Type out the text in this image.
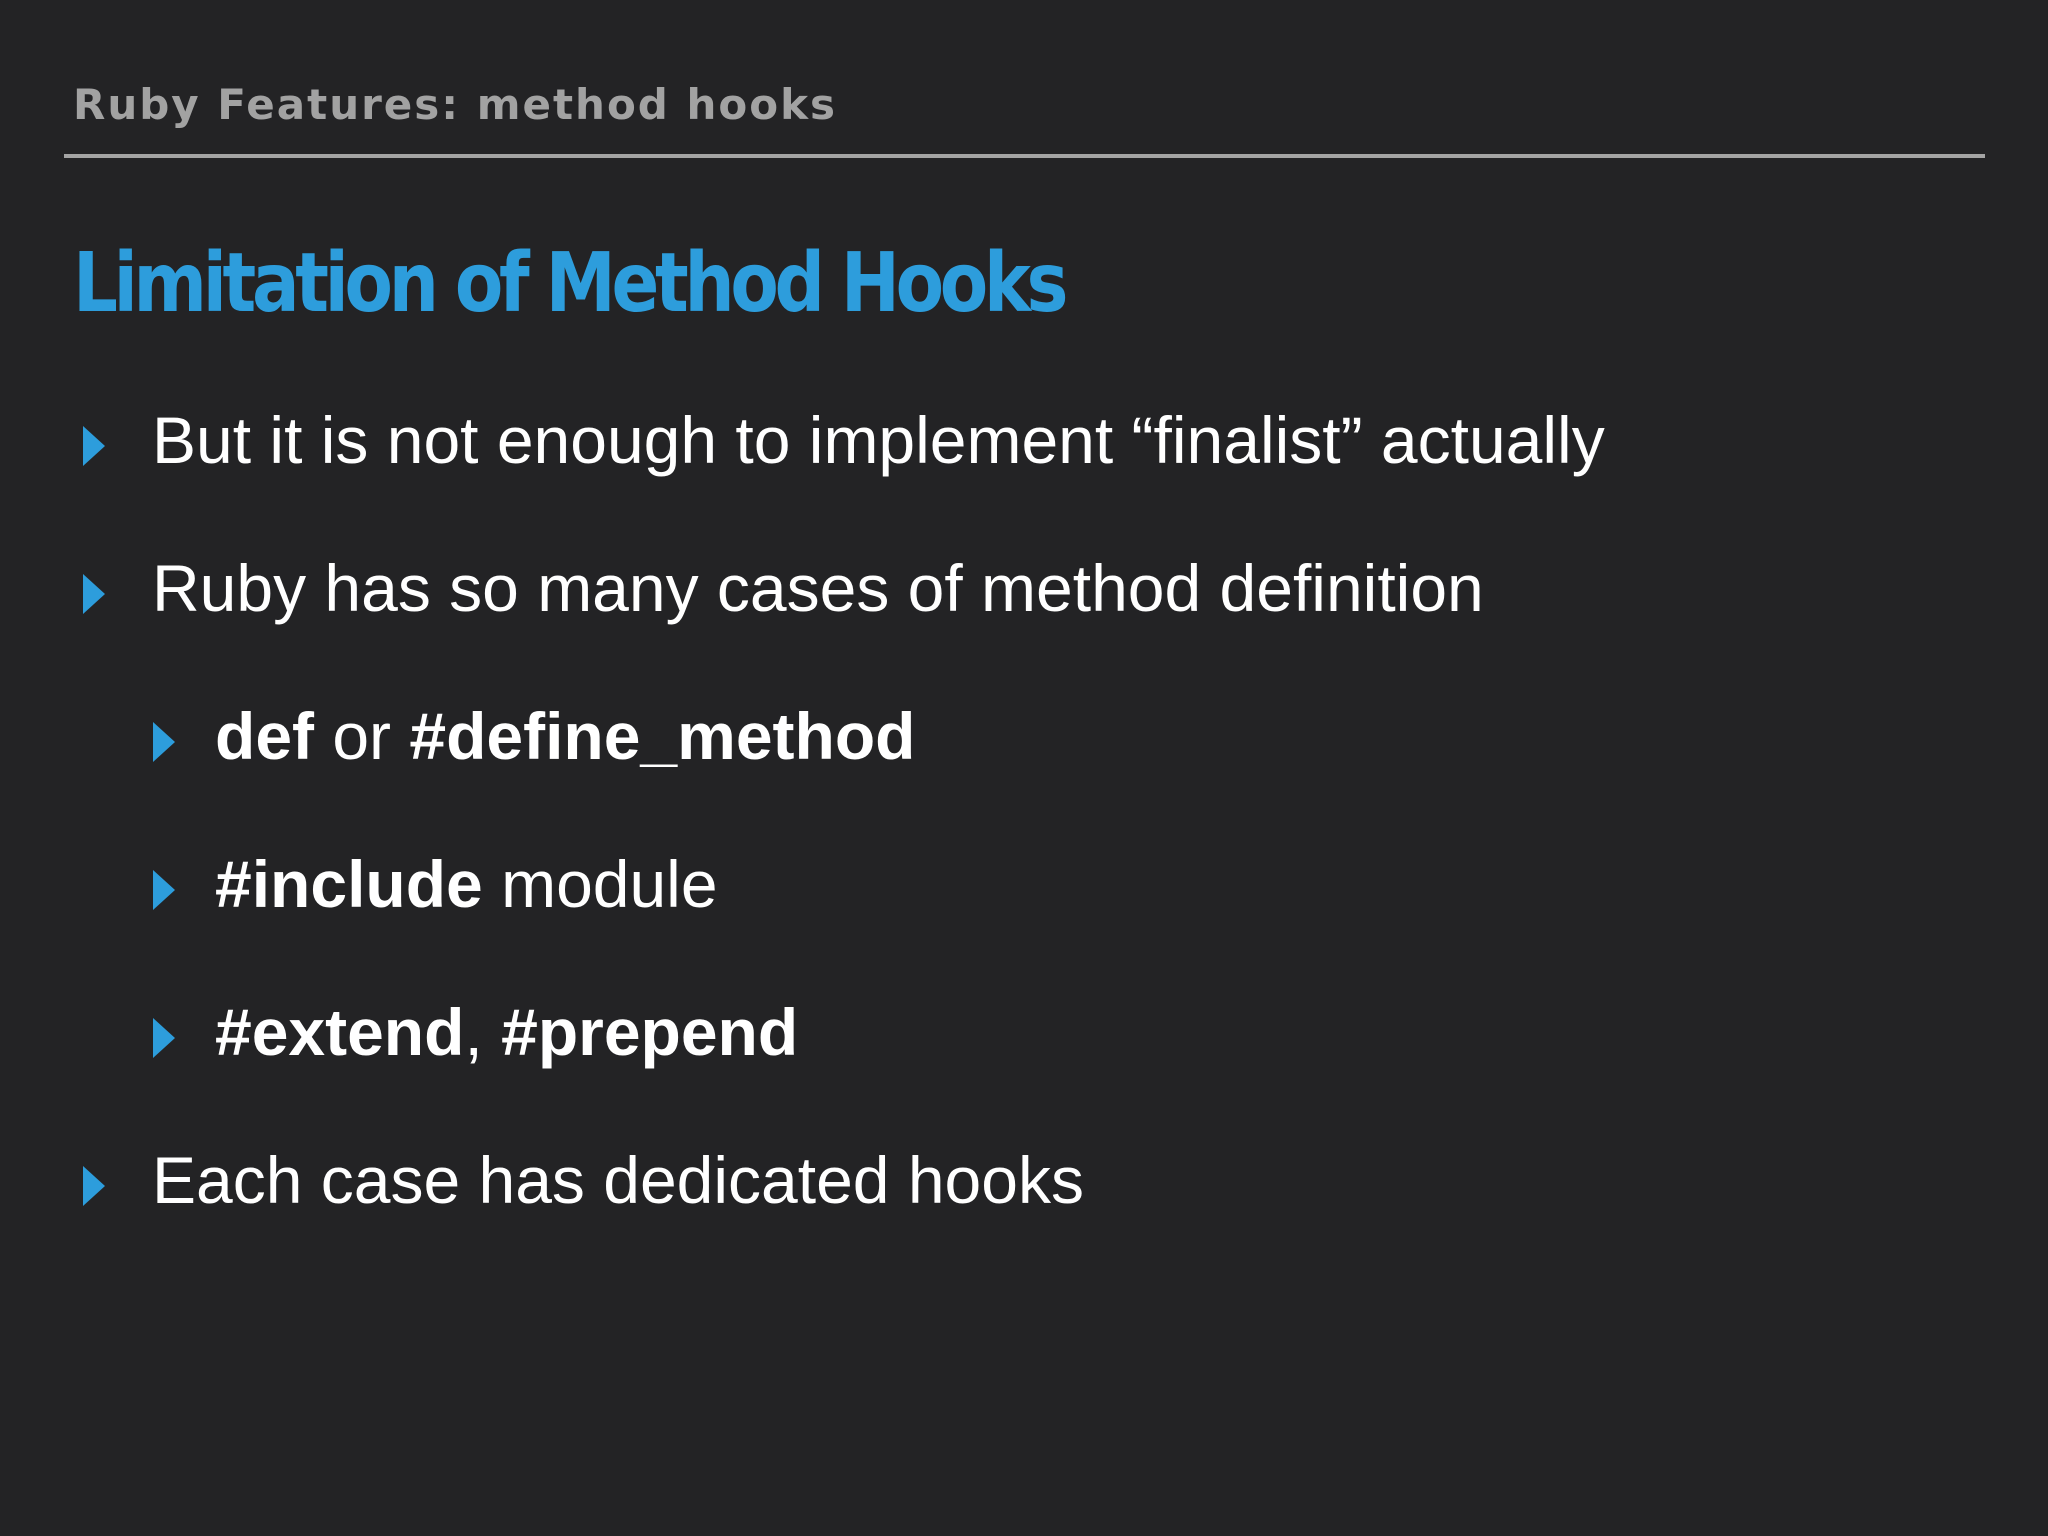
Ruby Features: method hooks
Limitation of Method Hooks
But it is not enough to implement “finalist” actually
Ruby has so many cases of method definition
def or #define_method
#include module
#extend, #prepend
Each case has dedicated hooks
